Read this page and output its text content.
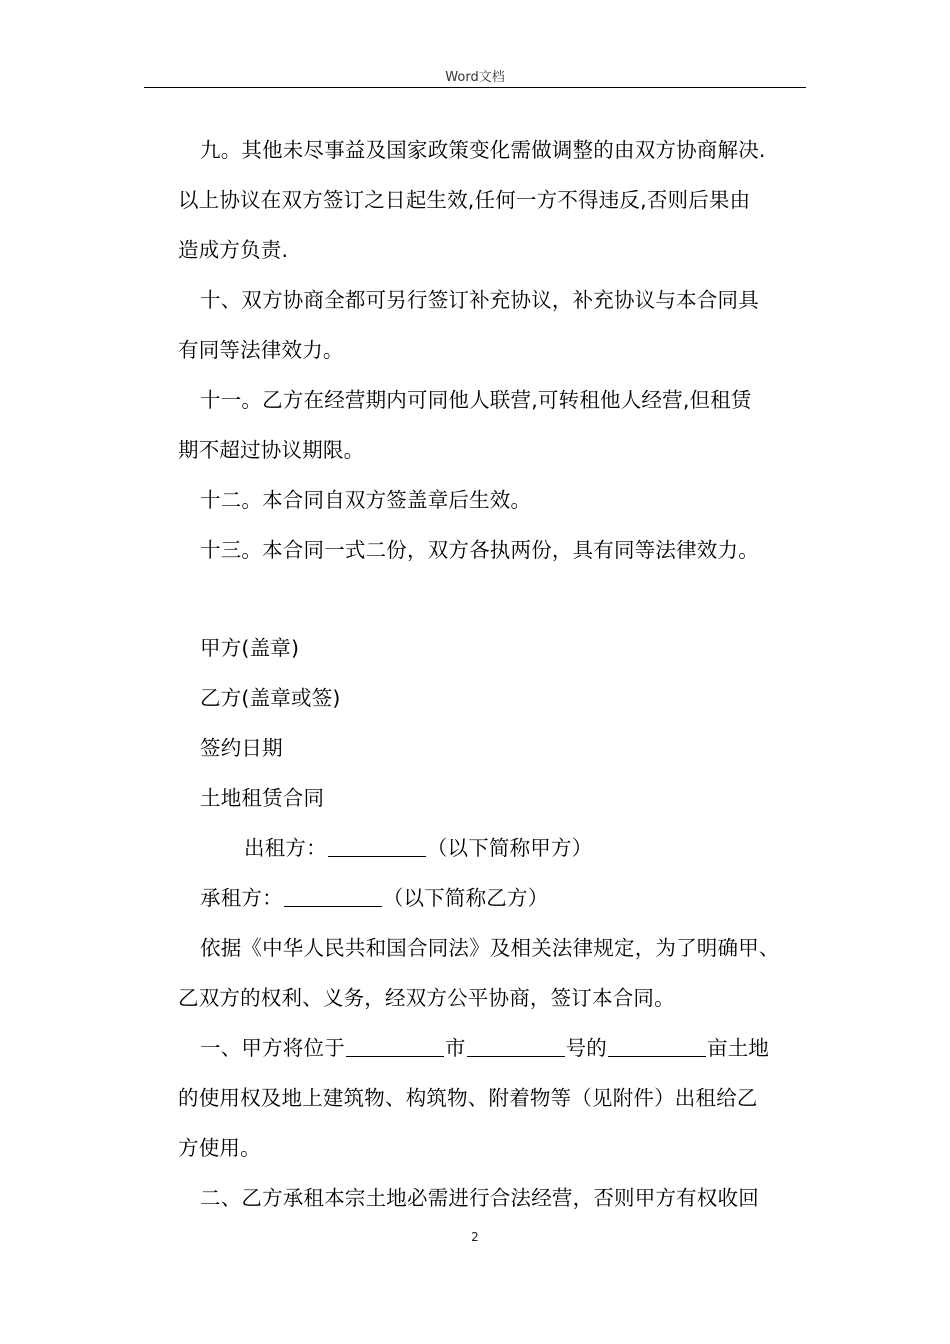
Word文档
九。其他未尽事益及国家政策变化需做调整的由双方协商解决.
以上协议在双方签订之日起生效,任何一方不得违反,否则后果由
造成方负责.
十、双方协商全都可另行签订补充协议，补充协议与本合同具
有同等法律效力。
十一。乙方在经营期内可同他人联营,可转租他人经营,但租赁
期不超过协议期限。
十二。本合同自双方签盖章后生效。
十三。本合同一式二份，双方各执两份，具有同等法律效力。
甲方(盖章)
乙方(盖章或签)
签约日期
土地租赁合同
出租方：	（以下简称甲方）
承租方：	（以下简称乙方）
依据《中华人民共和国合同法》及相关法律规定，为了明确甲、
乙双方的权利、义务，经双方公平协商，签订本合同。
一、甲方将位于	市	号的	亩土地
的使用权及地上建筑物、构筑物、附着物等（见附件）出租给乙
方使用。
二、乙方承租本宗土地必需进行合法经营，否则甲方有权收回
2
